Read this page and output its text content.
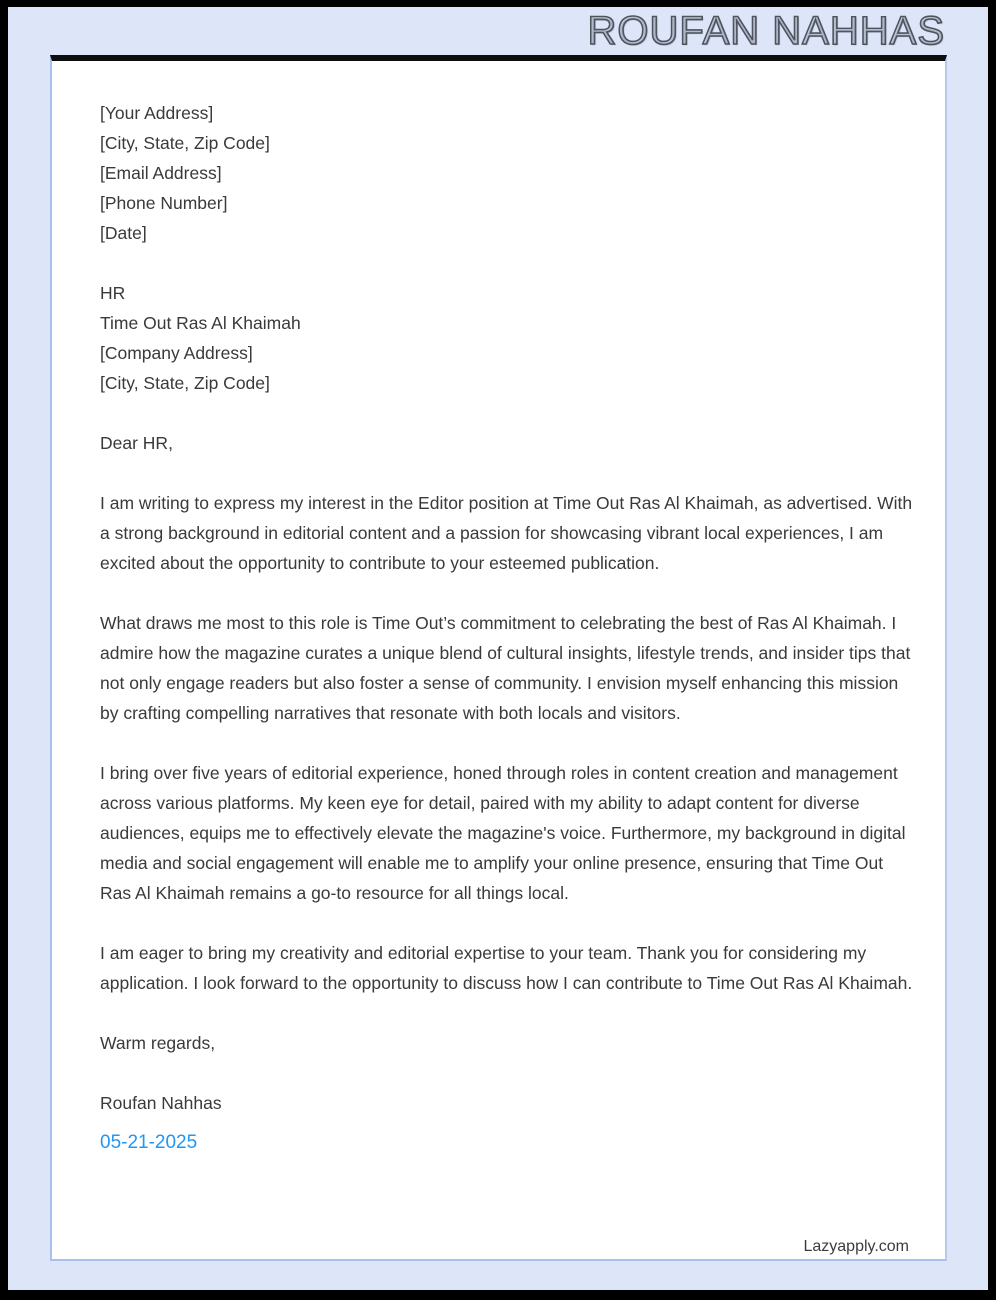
ROUFAN NAHHAS
[Your Address]
[City, State, Zip Code]
[Email Address]
[Phone Number]
[Date]
HR
Time Out Ras Al Khaimah
[Company Address]
[City, State, Zip Code]

Dear HR,

I am writing to express my interest in the Editor position at Time Out Ras Al Khaimah, as advertised. With a strong background in editorial content and a passion for showcasing vibrant local experiences, I am excited about the opportunity to contribute to your esteemed publication.

What draws me most to this role is Time Out’s commitment to celebrating the best of Ras Al Khaimah. I admire how the magazine curates a unique blend of cultural insights, lifestyle trends, and insider tips that not only engage readers but also foster a sense of community. I envision myself enhancing this mission by crafting compelling narratives that resonate with both locals and visitors.

I bring over five years of editorial experience, honed through roles in content creation and management across various platforms. My keen eye for detail, paired with my ability to adapt content for diverse audiences, equips me to effectively elevate the magazine's voice. Furthermore, my background in digital media and social engagement will enable me to amplify your online presence, ensuring that Time Out Ras Al Khaimah remains a go-to resource for all things local.

I am eager to bring my creativity and editorial expertise to your team. Thank you for considering my application. I look forward to the opportunity to discuss how I can contribute to Time Out Ras Al Khaimah.

Warm regards,

Roufan Nahhas

05-21-2025

Lazyapply.com
